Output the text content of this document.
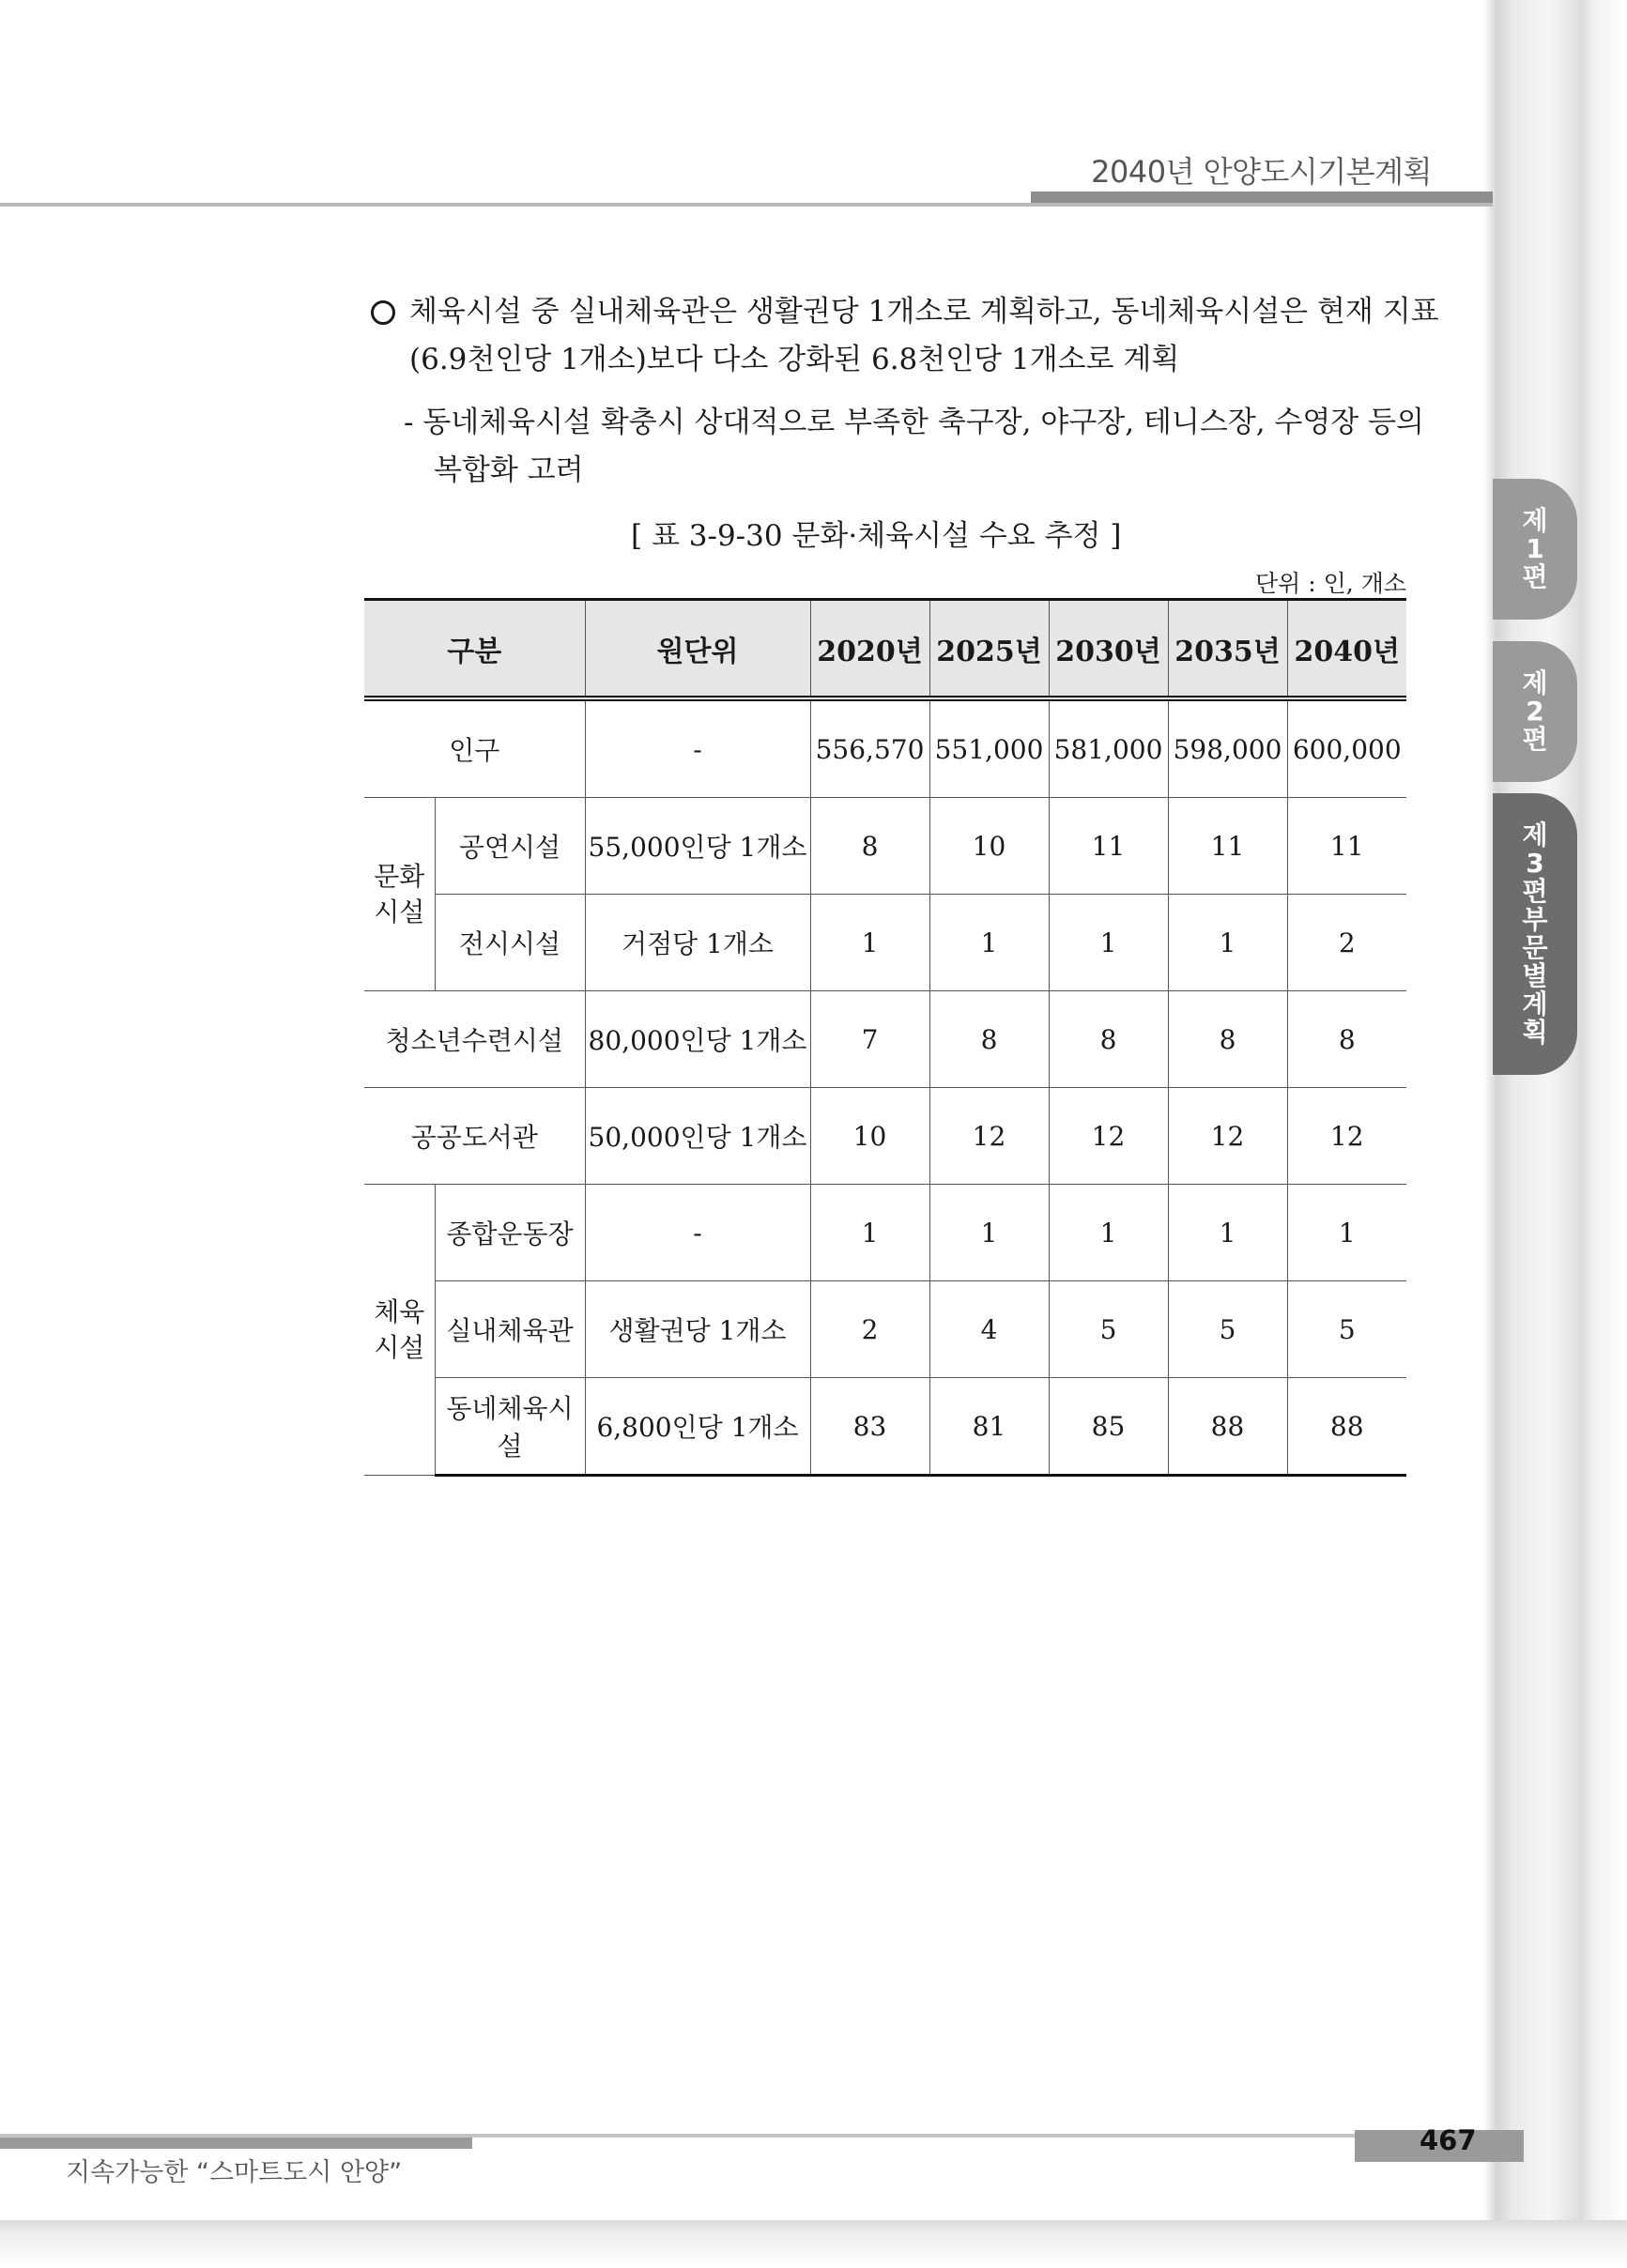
2040년 안양도시기본계획
체육시설 중 실내체육관은 생활권당 1개소로 계획하고, 동네체육시설은 현재 지표
(6.9천인당 1개소)보다 다소 강화된 6.8천인당 1개소로 계획
- 동네체육시설 확충시 상대적으로 부족한 축구장, 야구장, 테니스장, 수영장 등의
복합화 고려
[ 표 3-9-30 문화·체육시설 수요 추정 ]
단위 : 인, 개소
구분		원단위	2020년	2025년	2030년	2035년	2040년
인구		-	556,570	551,000	581,000	598,000	600,000
문화
시설	공연시설	55,000인당 1개소	8	10	11	11	11
	전시시설	거점당 1개소	1	1	1	1	2
청소년수련시설		80,000인당 1개소	7	8	8	8	8
공공도서관		50,000인당 1개소	10	12	12	12	12
체육
시설	종합운동장	-	1	1	1	1	1
	실내체육관	생활권당 1개소	2	4	5	5	5
	동네체육시설	6,800인당 1개소	83	81	85	88	88
제
1
편
제
2
편
제
3
편
부
문
별
계
획
지속가능한 “스마트도시 안양”
467
